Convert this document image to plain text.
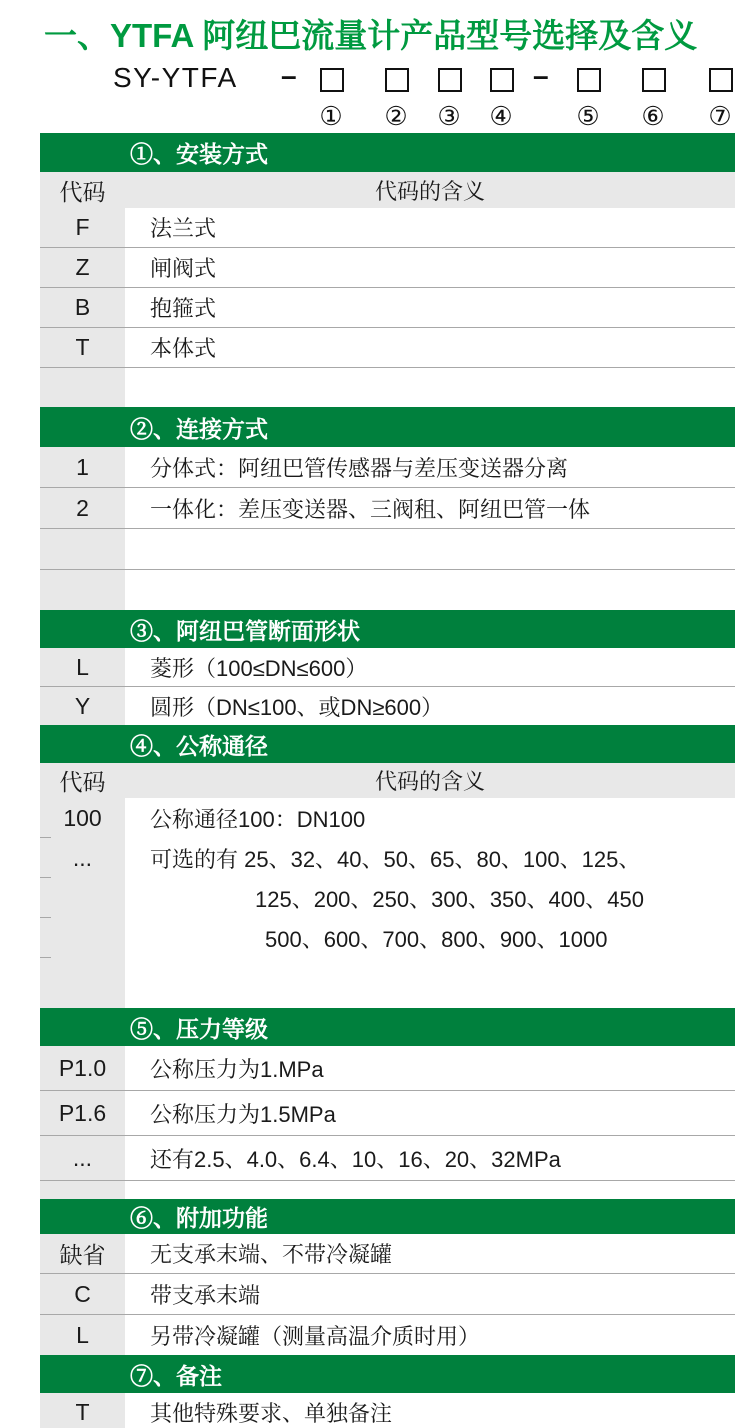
一、YTFA 阿纽巴流量计产品型号选择及含义
SY-YTFA –	–
① ② ③ ④ ⑤ ⑥ ⑦
①、安装方式
代码	代码的含义
F	法兰式
Z	闸阀式
B	抱箍式
T	本体式
②、连接方式
1	分体式：阿纽巴管传感器与差压变送器分离
2	一体化：差压变送器、三阀租、阿纽巴管一体
③、阿纽巴管断面形状
L	菱形（100≤DN≤600）
Y	圆形（DN≤100、或DN≥600）
④、公称通径
代码	代码的含义
100	公称通径100：DN100
...	可选的有 25、32、40、50、65、80、100、125、
125、200、250、300、350、400、450
500、600、700、800、900、1000
⑤、压力等级
P1.0	公称压力为1.MPa
P1.6	公称压力为1.5MPa
...	还有2.5、4.0、6.4、10、16、20、32MPa
⑥、附加功能
缺省	无支承末端、不带冷凝罐
C	带支承末端
L	另带冷凝罐（测量高温介质时用）
⑦、备注
T	其他特殊要求、单独备注
